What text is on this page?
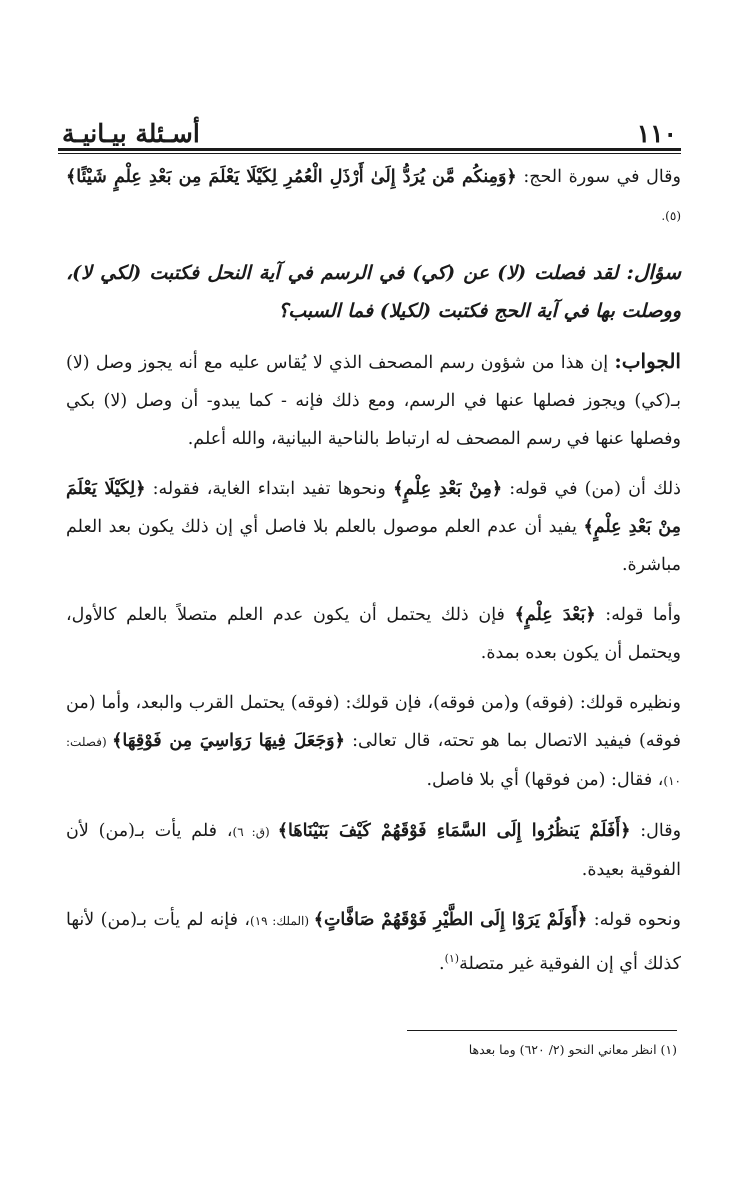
١١٠
أسـئلة بيـانيـة

وقال في سورة الحج: ﴿وَمِنكُم مَّن يُرَدُّ إِلَىٰ أَرْذَلِ الْعُمُرِ لِكَيْلَا يَعْلَمَ مِن بَعْدِ عِلْمٍ شَيْئًا﴾ (٥).

سؤال: لقد فصلت (لا) عن (كي) في الرسم في آية النحل فكتبت (لكي لا)، ووصلت بها في آية الحج فكتبت (لكيلا) فما السبب؟

الجواب: إن هذا من شؤون رسم المصحف الذي لا يُقاس عليه مع أنه يجوز وصل (لا) بـ(كي) ويجوز فصلها عنها في الرسم، ومع ذلك فإنه - كما يبدو- أن وصل (لا) بكي وفصلها عنها في رسم المصحف له ارتباط بالناحية البيانية، والله أعلم.

ذلك أن (من) في قوله: ﴿مِنْ بَعْدِ عِلْمٍ﴾ ونحوها تفيد ابتداء الغاية، فقوله: ﴿لِكَيْلَا يَعْلَمَ مِنْ بَعْدِ عِلْمٍ﴾ يفيد أن عدم العلم موصول بالعلم بلا فاصل أي إن ذلك يكون بعد العلم مباشرة.

وأما قوله: ﴿بَعْدَ عِلْمٍ﴾ فإن ذلك يحتمل أن يكون عدم العلم متصلاً بالعلم كالأول، ويحتمل أن يكون بعده بمدة.

ونظيره قولك: (فوقه) و(من فوقه)، فإن قولك: (فوقه) يحتمل القرب والبعد، وأما (من فوقه) فيفيد الاتصال بما هو تحته، قال تعالى: ﴿وَجَعَلَ فِيهَا رَوَاسِيَ مِن فَوْقِهَا﴾ (فصلت: ١٠)، فقال: (من فوقها) أي بلا فاصل.

وقال: ﴿أَفَلَمْ يَنظُرُوا إِلَى السَّمَاءِ فَوْقَهُمْ كَيْفَ بَنَيْنَاهَا﴾ (ق: ٦)، فلم يأت بـ(من) لأن الفوقية بعيدة.

ونحوه قوله: ﴿أَوَلَمْ يَرَوْا إِلَى الطَّيْرِ فَوْقَهُمْ صَافَّاتٍ﴾ (الملك: ١٩)، فإنه لم يأت بـ(من) لأنها كذلك أي إن الفوقية غير متصلة$^{(١)}$.

(١) انظر معاني النحو (٢/ ٦٢٠) وما بعدها
